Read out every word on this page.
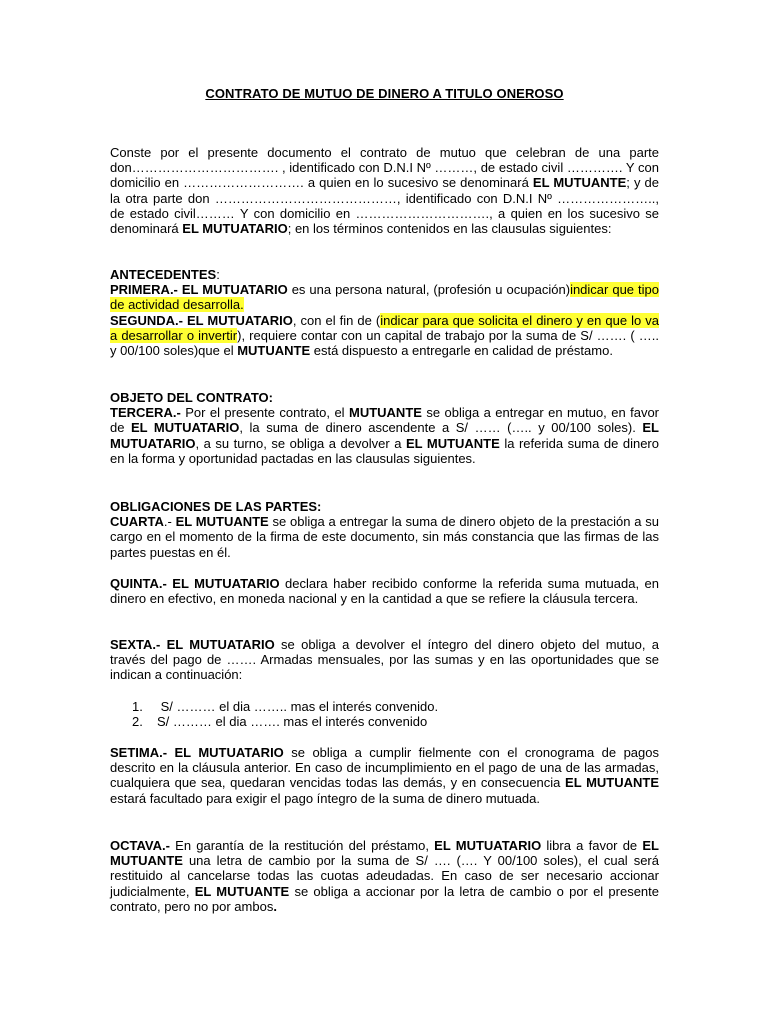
CONTRATO DE MUTUO DE DINERO A TITULO ONEROSO
Conste por el presente documento el contrato de mutuo que celebran de una parte don……………………………. , identificado con D.N.I Nº ………, de estado civil …………. Y con domicilio en ………………………. a quien en lo sucesivo se denominará EL MUTUANTE; y de la otra parte don ……………………………………, identificado con D.N.I Nº ………………….., de estado civil……… Y con domicilio en …………………………., a quien en los sucesivo se denominará EL MUTUATARIO; en los términos contenidos en las clausulas siguientes:
ANTECEDENTES:
PRIMERA.- EL MUTUATARIO es una persona natural, (profesión u ocupación)indicar que tipo de actividad desarrolla.
SEGUNDA.- EL MUTUATARIO, con el fin de (indicar para que solicita el dinero y en que lo va a desarrollar o invertir), requiere contar con un capital de trabajo por la suma de S/ ……. ( ….. y 00/100 soles)que el MUTUANTE está dispuesto a entregarle en calidad de préstamo.
OBJETO DEL CONTRATO:
TERCERA.- Por el presente contrato, el MUTUANTE se obliga a entregar en mutuo, en favor de EL MUTUATARIO, la suma de dinero ascendente a S/ …… (….. y 00/100 soles). EL MUTUATARIO, a su turno, se obliga a devolver a EL MUTUANTE la referida suma de dinero en la forma y oportunidad pactadas en las clausulas siguientes.
OBLIGACIONES DE LAS PARTES:
CUARTA.- EL MUTUANTE se obliga a entregar la suma de dinero objeto de la prestación a su cargo en el momento de la firma de este documento, sin más constancia que las firmas de las partes puestas en él.
QUINTA.- EL MUTUATARIO declara haber recibido conforme la referida suma mutuada, en dinero en efectivo, en moneda nacional y en la cantidad a que se refiere la cláusula tercera.
SEXTA.- EL MUTUATARIO se obliga a devolver el íntegro del dinero objeto del mutuo, a través del pago de ……. Armadas mensuales, por las sumas y en las oportunidades que se indican a continuación:
1. S/ ……… el dia …….. mas el interés convenido.
2. S/ ……… el dia ……. mas el interés convenido
SETIMA.- EL MUTUATARIO se obliga a cumplir fielmente con el cronograma de pagos descrito en la cláusula anterior. En caso de incumplimiento en el pago de una de las armadas, cualquiera que sea, quedaran vencidas todas las demás, y en consecuencia EL MUTUANTE estará facultado para exigir el pago íntegro de la suma de dinero mutuada.
OCTAVA.- En garantía de la restitución del préstamo, EL MUTUATARIO libra a favor de EL MUTUANTE una letra de cambio por la suma de S/ …. (…. Y 00/100 soles), el cual será restituido al cancelarse todas las cuotas adeudadas. En caso de ser necesario accionar judicialmente, EL MUTUANTE se obliga a accionar por la letra de cambio o por el presente contrato, pero no por ambos.
